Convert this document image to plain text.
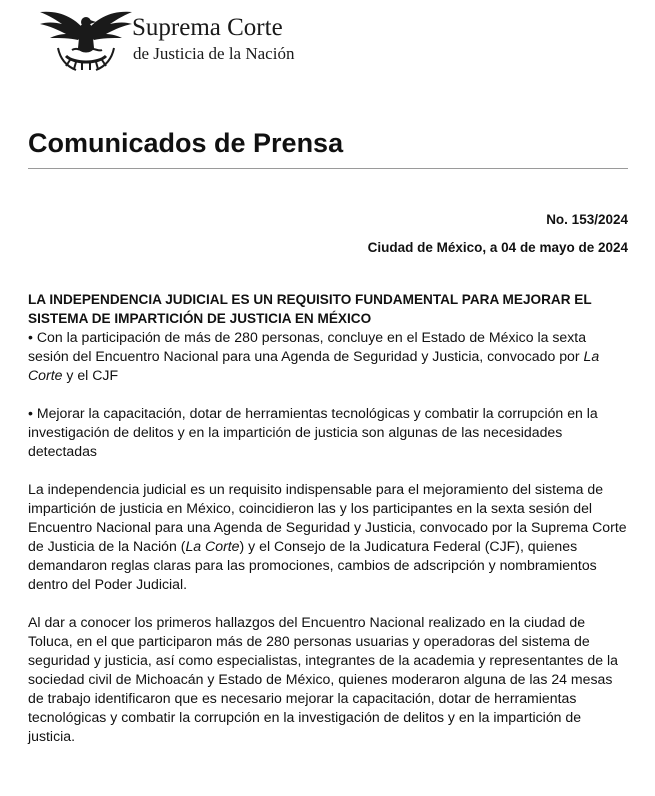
Suprema Corte
de Justicia de la Nación
Comunicados de Prensa
No. 153/2024
Ciudad de México, a 04 de mayo de 2024

LA INDEPENDENCIA JUDICIAL ES UN REQUISITO FUNDAMENTAL PARA MEJORAR EL SISTEMA DE IMPARTICIÓN DE JUSTICIA EN MÉXICO

• Con la participación de más de 280 personas, concluye en el Estado de México la sexta sesión del Encuentro Nacional para una Agenda de Seguridad y Justicia, convocado por La Corte y el CJF

• Mejorar la capacitación, dotar de herramientas tecnológicas y combatir la corrupción en la investigación de delitos y en la impartición de justicia son algunas de las necesidades detectadas

La independencia judicial es un requisito indispensable para el mejoramiento del sistema de impartición de justicia en México, coincidieron las y los participantes en la sexta sesión del Encuentro Nacional para una Agenda de Seguridad y Justicia, convocado por la Suprema Corte de Justicia de la Nación (La Corte) y el Consejo de la Judicatura Federal (CJF), quienes demandaron reglas claras para las promociones, cambios de adscripción y nombramientos dentro del Poder Judicial.

Al dar a conocer los primeros hallazgos del Encuentro Nacional realizado en la ciudad de Toluca, en el que participaron más de 280 personas usuarias y operadoras del sistema de seguridad y justicia, así como especialistas, integrantes de la academia y representantes de la sociedad civil de Michoacán y Estado de México, quienes moderaron alguna de las 24 mesas de trabajo identificaron que es necesario mejorar la capacitación, dotar de herramientas tecnológicas y combatir la corrupción en la investigación de delitos y en la impartición de justicia.
